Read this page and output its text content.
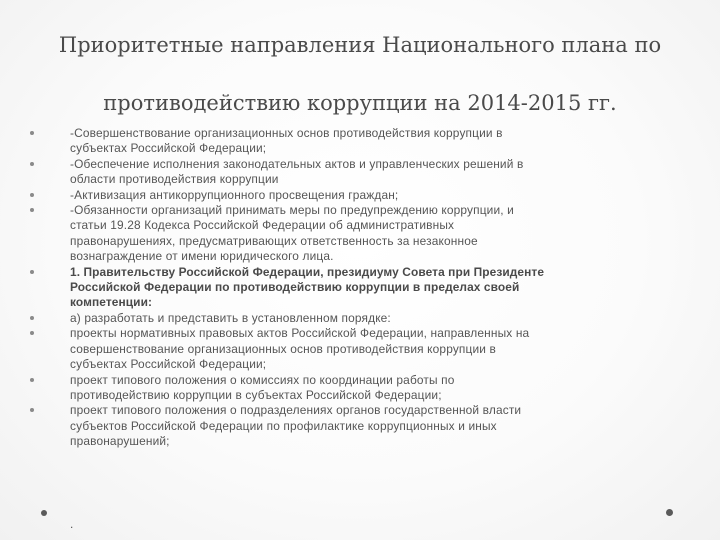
Приоритетные направления Национального плана по
противодействию коррупции на 2014-2015 гг.
-Совершенствование организационных основ противодействия коррупции в
субъектах Российской Федерации;
-Обеспечение исполнения законодательных актов и управленческих решений в
области противодействия коррупции
-Активизация антикоррупционного просвещения граждан;
-Обязанности организаций принимать меры по предупреждению коррупции, и
статьи 19.28 Кодекса Российской Федерации об административных
правонарушениях, предусматривающих ответственность за незаконное
вознаграждение от имени юридического лица.
1. Правительству Российской Федерации, президиуму Совета при Президенте
Российской Федерации по противодействию коррупции в пределах своей
компетенции:
а) разработать и представить в установленном порядке:
проекты нормативных правовых актов Российской Федерации, направленных на
совершенствование организационных основ противодействия коррупции в
субъектах Российской Федерации;
проект типового положения о комиссиях по координации работы по
противодействию коррупции в субъектах Российской Федерации;
проект типового положения о подразделениях органов государственной власти
субъектов Российской Федерации по профилактике коррупционных и иных
правонарушений;
.
